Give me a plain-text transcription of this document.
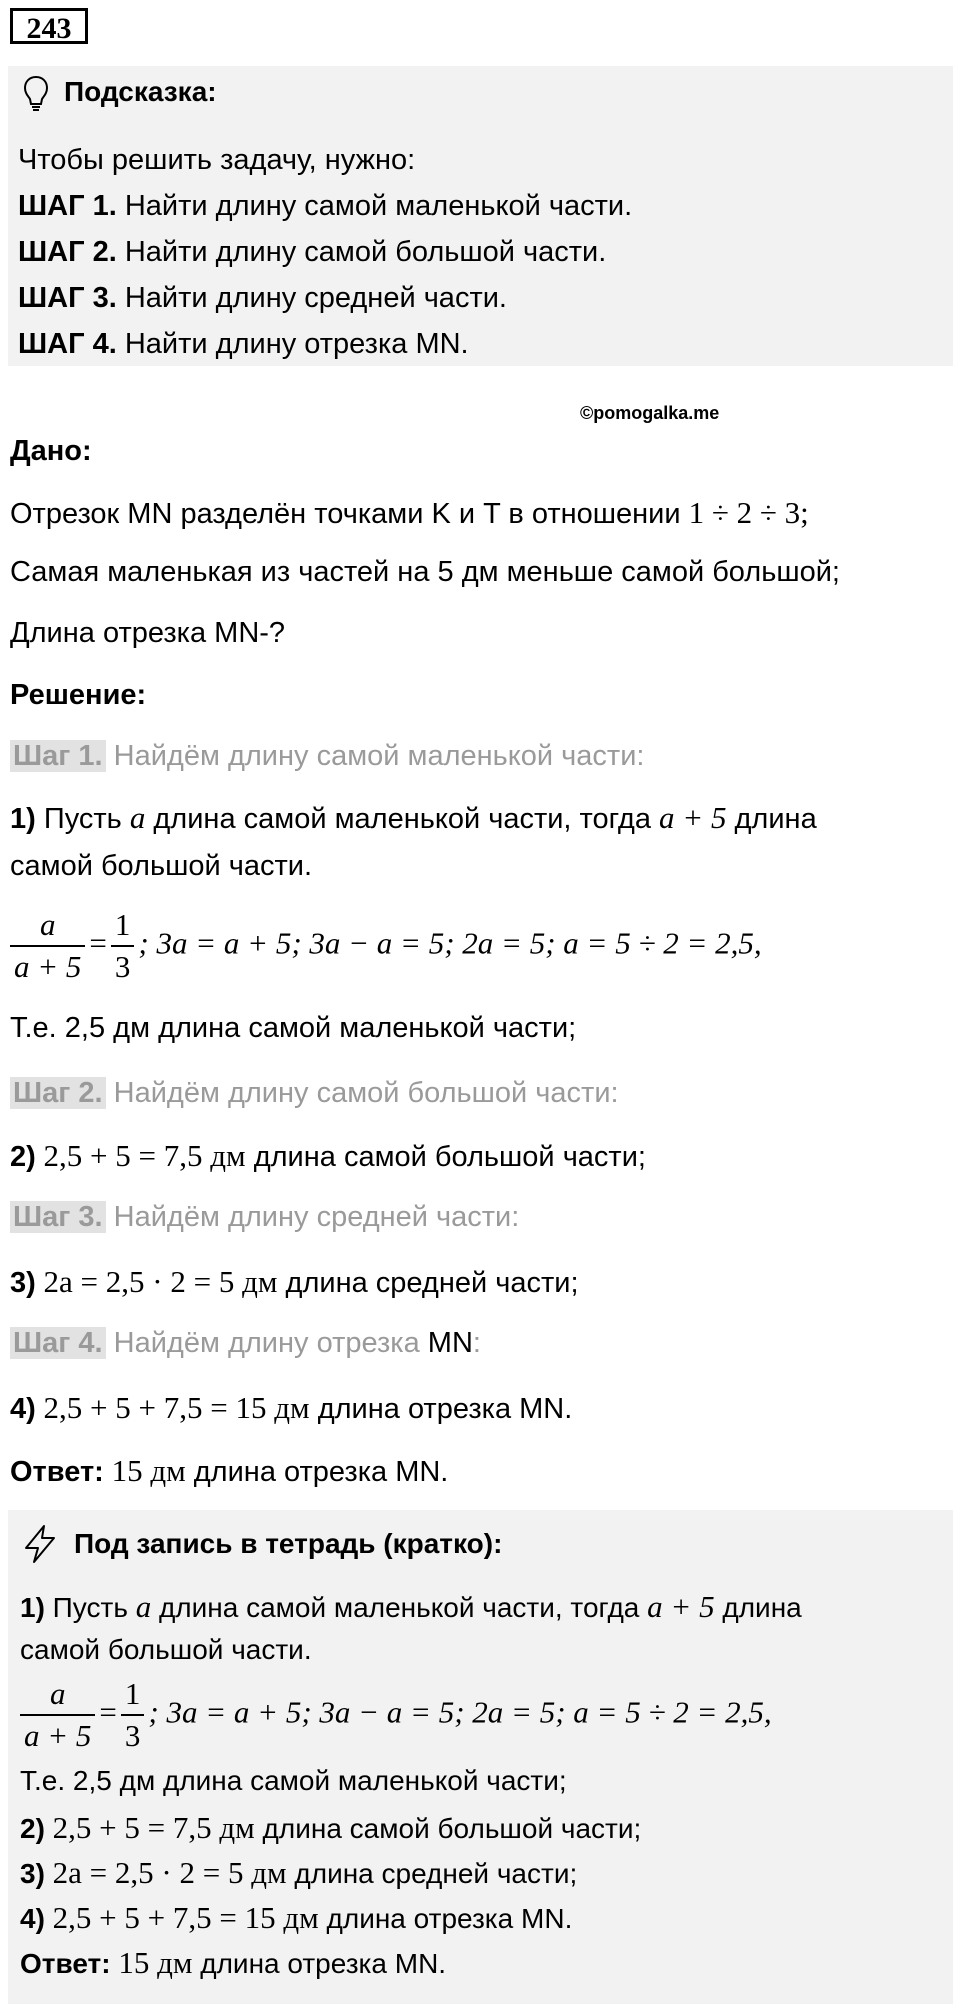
243
Подсказка:
Чтобы решить задачу, нужно:
ШАГ 1. Найти длину самой маленькой части.
ШАГ 2. Найти длину самой большой части.
ШАГ 3. Найти длину средней части.
ШАГ 4. Найти длину отрезка MN.
©pomogalka.me
Дано:
Отрезок MN разделён точками K и T в отношении 1 ÷ 2 ÷ 3;
Самая маленькая из частей на 5 дм меньше самой большой;
Длина отрезка MN-?
Решение:
Шаг 1. Найдём длину самой маленькой части:
1) Пусть a длина самой маленькой части, тогда a + 5 длина
самой большой части.
$\frac{a}{a + 5} = \frac{1}{3}$ ; 3a = a + 5; 3a − a = 5; 2a = 5; a = 5 ÷ 2 = 2,5,
Т.е. 2,5 дм длина самой маленькой части;
Шаг 2. Найдём длину самой большой части:
2) 2,5 + 5 = 7,5 дм длина самой большой части;
Шаг 3. Найдём длину средней части:
3) 2a = 2,5 · 2 = 5 дм длина средней части;
Шаг 4. Найдём длину отрезка MN:
4) 2,5 + 5 + 7,5 = 15 дм длина отрезка MN.
Ответ: 15 дм длина отрезка MN.
Под запись в тетрадь (кратко):
1) Пусть a длина самой маленькой части, тогда a + 5 длина
самой большой части.
$\frac{a}{a + 5} = \frac{1}{3}$ ; 3a = a + 5; 3a − a = 5; 2a = 5; a = 5 ÷ 2 = 2,5,
Т.е. 2,5 дм длина самой маленькой части;
2) 2,5 + 5 = 7,5 дм длина самой большой части;
3) 2a = 2,5 · 2 = 5 дм длина средней части;
4) 2,5 + 5 + 7,5 = 15 дм длина отрезка MN.
Ответ: 15 дм длина отрезка MN.
